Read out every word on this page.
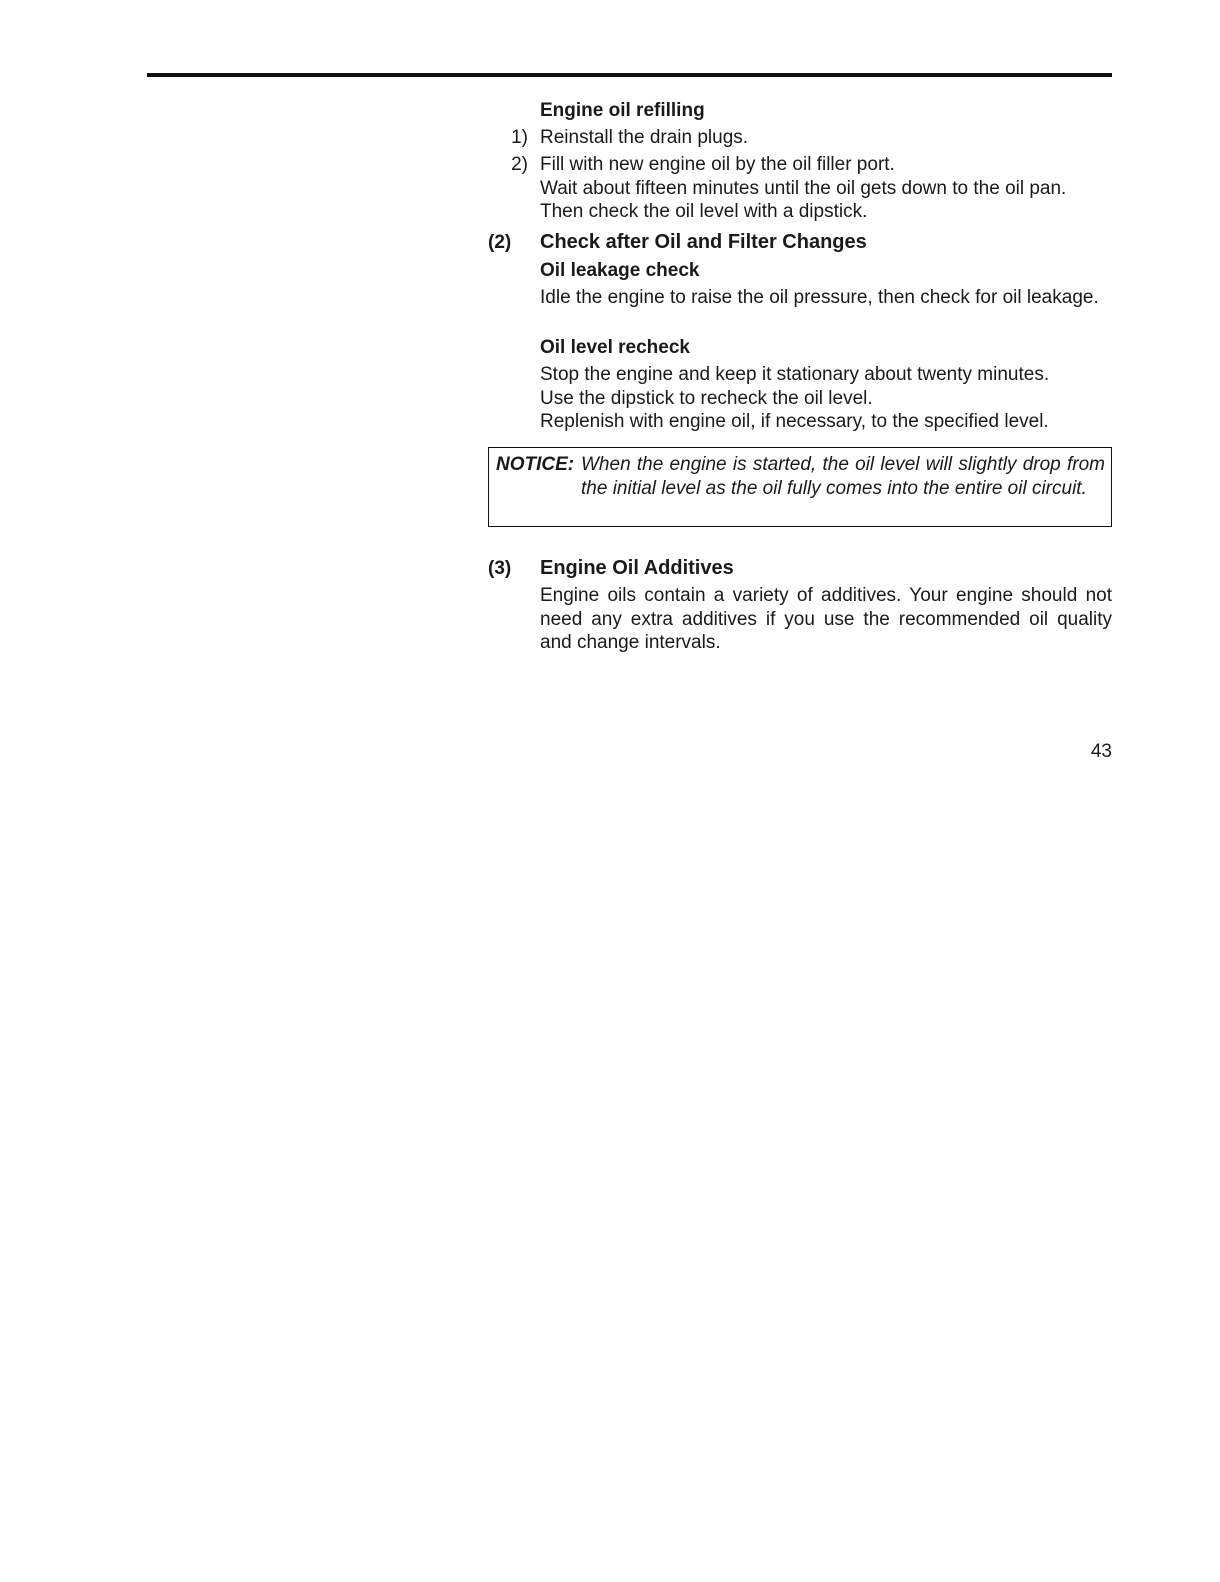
Engine oil refilling
1) Reinstall the drain plugs.

2) Fill with new engine oil by the oil filler port.

Wait about fifteen minutes until the oil gets down to the oil pan.

Then check the oil level with a dipstick.

(2) Check after Oil and Filter Changes

Oil leakage check

Idle the engine to raise the oil pressure, then check for oil leakage.

Oil level recheck

Stop the engine and keep it stationary about twenty minutes.

Use the dipstick to recheck the oil level.

Replenish with engine oil, if necessary, to the specified level.

NOTICE: When the engine is started, the oil level will slightly drop from the initial level as the oil fully comes into the entire oil circuit.

(3) Engine Oil Additives

Engine oils contain a variety of additives. Your engine should not need any extra additives if you use the recommended oil quality and change intervals.

43
